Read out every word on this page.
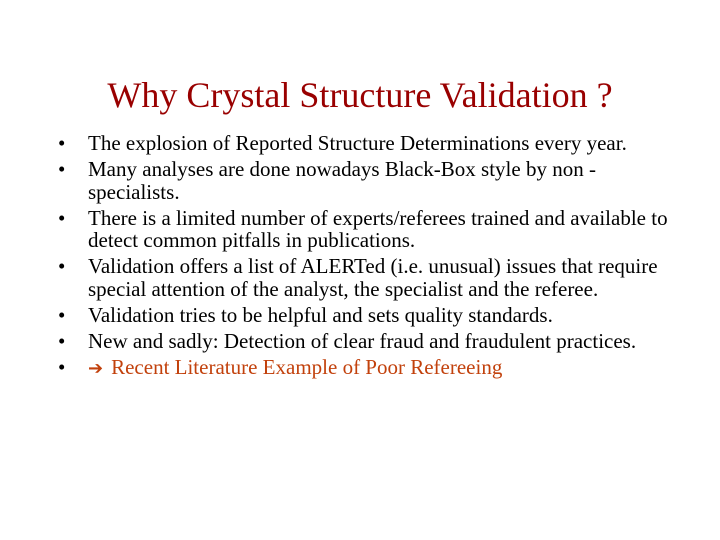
Why Crystal Structure Validation ?
•	The explosion of Reported Structure Determinations every year.
•	Many analyses are done nowadays Black-Box style by non -specialists.
•	There is a limited number of experts/referees trained and available to detect common pitfalls in publications.
•	Validation offers a list of ALERTed (i.e. unusual) issues that require special attention of the analyst, the specialist and the referee.
•	Validation tries to be helpful and sets quality standards.
•	New and sadly: Detection of clear fraud and fraudulent practices.
•	➔ Recent Literature Example of Poor Refereeing
